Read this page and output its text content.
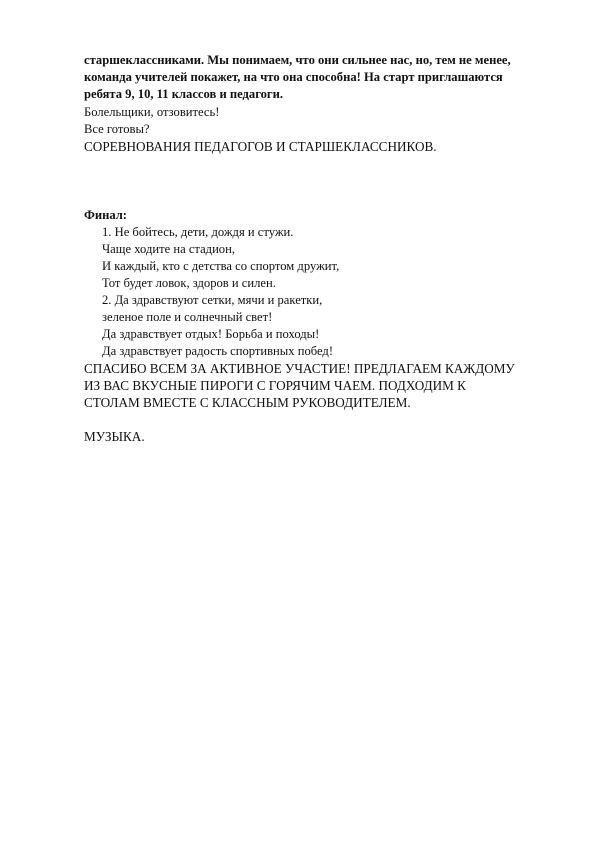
старшеклассниками. Мы понимаем, что они сильнее нас, но, тем не менее,
команда учителей покажет, на что она способна! На старт приглашаются
ребята 9, 10, 11 классов и педагоги.
Болельщики, отзовитесь!
Все готовы?
СОРЕВНОВАНИЯ ПЕДАГОГОВ И СТАРШЕКЛАССНИКОВ.
Финал:
1. Не бойтесь, дети, дождя и стужи.
Чаще ходите на стадион,
И каждый, кто с детства со спортом дружит,
Тот будет ловок, здоров и силен.
2. Да здравствуют сетки, мячи и ракетки,
зеленое поле и солнечный свет!
Да здравствует отдых! Борьба и походы!
Да здравствует радость спортивных побед!
СПАСИБО ВСЕМ ЗА АКТИВНОЕ УЧАСТИЕ! ПРЕДЛАГАЕМ КАЖДОМУ
ИЗ ВАС ВКУСНЫЕ ПИРОГИ С ГОРЯЧИМ ЧАЕМ. ПОДХОДИМ К
СТОЛАМ ВМЕСТЕ С КЛАССНЫМ РУКОВОДИТЕЛЕМ.
МУЗЫКА.
